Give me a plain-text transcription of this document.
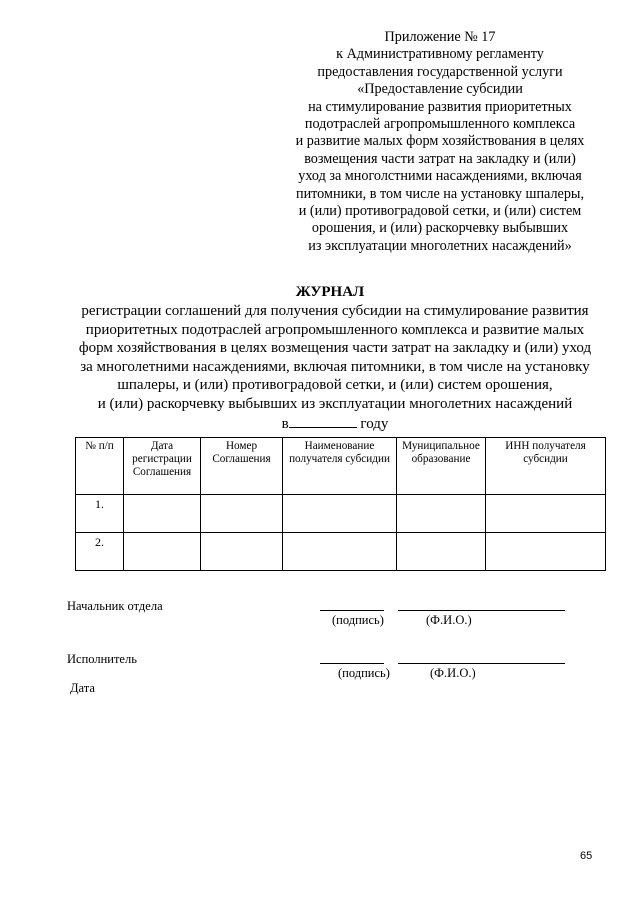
Приложение № 17
к Административному регламенту
предоставления государственной услуги
«Предоставление субсидии
на стимулирование развития приоритетных
подотраслей агропромышленного комплекса
и развитие малых форм хозяйствования в целях
возмещения части затрат на закладку и (или)
уход за многолстними насаждениями, включая
питомники, в том числе на установку шпалеры,
и (или) противоградовой сетки, и (или) систем
орошения, и (или) раскорчевку выбывших
из эксплуатации многолетних насаждений»
ЖУРНАЛ
регистрации соглашений для получения субсидии на стимулирование развития
приоритетных подотраслей агропромышленного комплекса и развитие малых
форм хозяйствования в целях возмещения части затрат на закладку и (или) уход
за многолетними насаждениями, включая питомники, в том числе на установку
шпалеры, и (или) противоградовой сетки, и (или) систем орошения,
и (или) раскорчевку выбывших из эксплуатации многолетних насаждений
в	году
№ п/п	Дата регистрации Соглашения	Номер Соглашения	Наименование получателя субсидии	Муниципальное образование	ИНН получателя субсидии
1.					
2.					
Начальник отдела
(подпись)	(Ф.И.О.)
Исполнитель
(подпись)	(Ф.И.О.)
Дата
65
